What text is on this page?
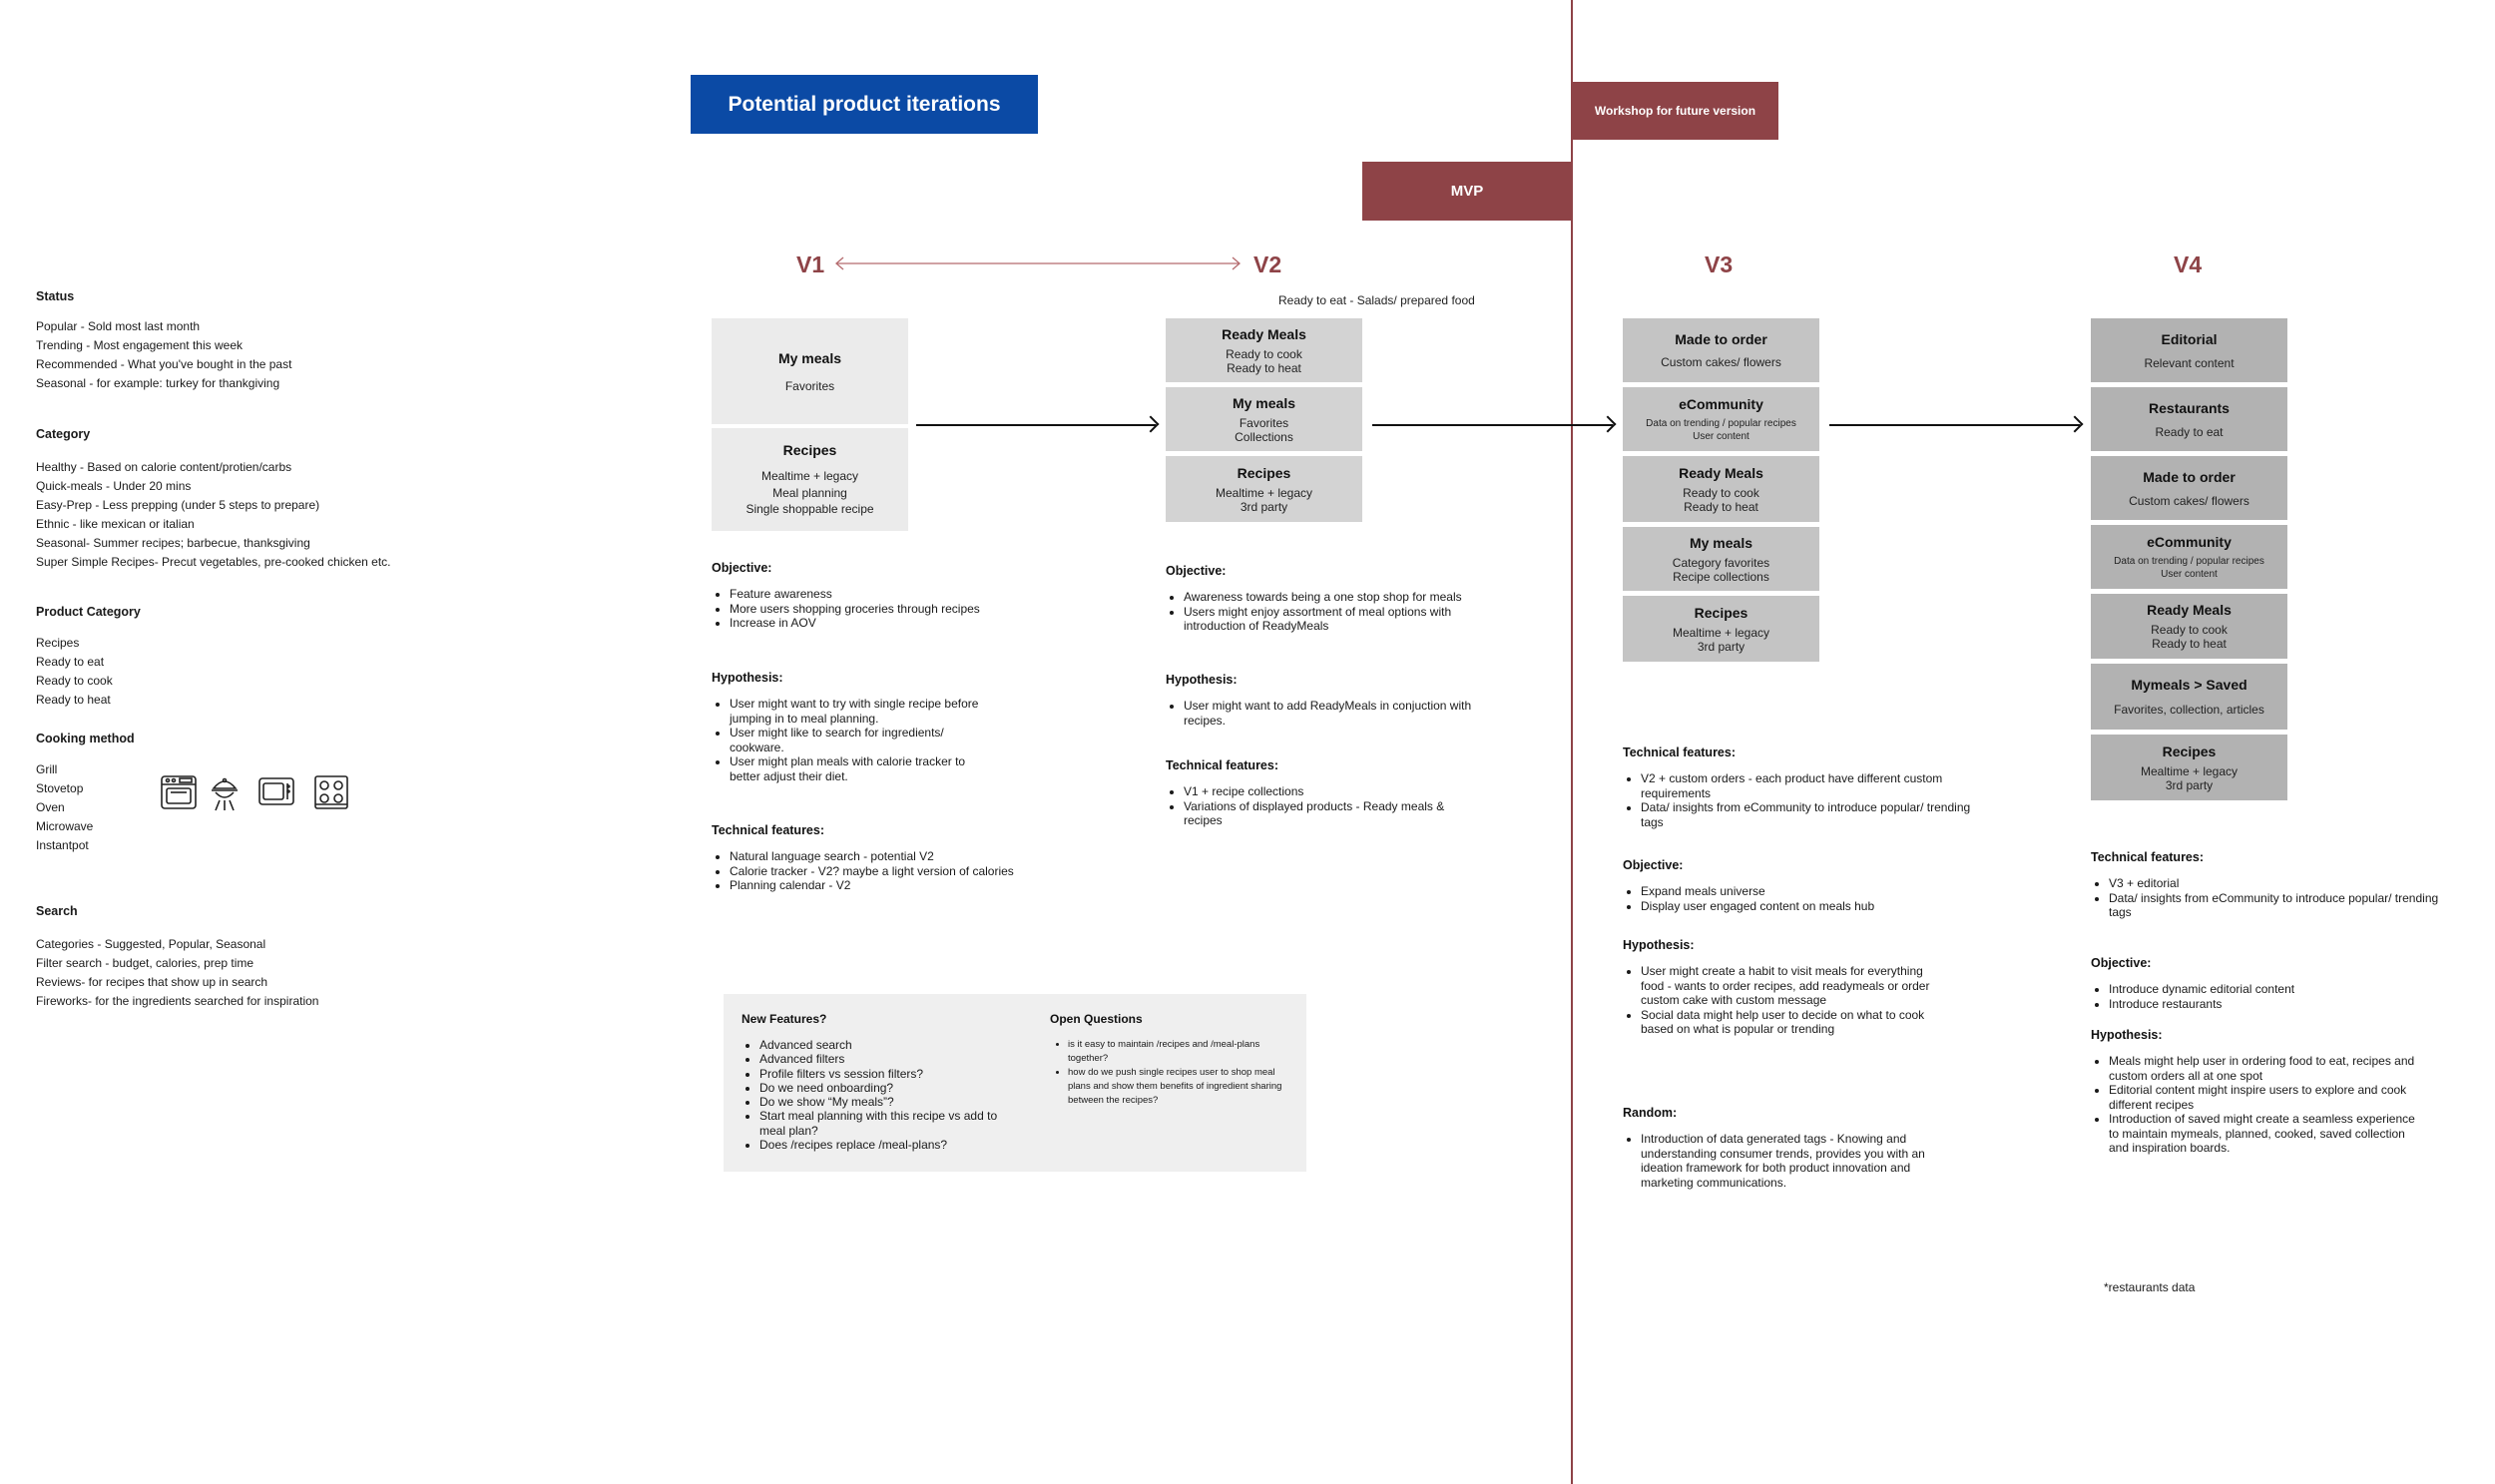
Potential product iterations	Workshop for future version
MVP
Status
Popular - Sold most last month
Trending - Most engagement this week
Recommended - What you've bought in the past
Seasonal - for example: turkey for thankgiving
Category
Healthy - Based on calorie content/protien/carbs
Quick-meals - Under 20 mins
Easy-Prep - Less prepping (under 5 steps to prepare)
Ethnic - like mexican or italian
Seasonal- Summer recipes; barbecue, thanksgiving
Super Simple Recipes- Precut vegetables, pre-cooked chicken etc.
Product Category
Recipes
Ready to eat
Ready to cook
Ready to heat
Cooking method
Grill
Stovetop
Oven
Microwave
Instantpot
Search
Categories - Suggested, Popular, Seasonal
Filter search - budget, calories, prep time
Reviews- for recipes that show up in search
Fireworks- for the ingredients searched for inspiration
V1	V2	V3	V4
My meals
Favorites
Recipes
Mealtime + legacy
Meal planning
Single shoppable recipe
Ready to eat - Salads/ prepared food
Ready Meals
Ready to cook
Ready to heat
My meals
Favorites
Collections
Recipes
Mealtime + legacy
3rd party
Made to order
Custom cakes/ flowers
eCommunity
Data on trending / popular recipes
User content
Ready Meals
Ready to cook
Ready to heat
My meals
Category favorites
Recipe collections
Recipes
Mealtime + legacy
3rd party
Editorial
Relevant content
Restaurants
Ready to eat
Made to order
Custom cakes/ flowers
eCommunity
Data on trending / popular recipes
User content
Ready Meals
Ready to cook
Ready to heat
Mymeals > Saved
Favorites, collection, articles
Recipes
Mealtime + legacy
3rd party
Objective:
• Feature awareness
• More users shopping groceries through recipes
• Increase in AOV
Hypothesis:
• User might want to try with single recipe before jumping in to meal planning.
• User might like to search for ingredients/ cookware.
• User might plan meals with calorie tracker to better adjust their diet.
Technical features:
• Natural language search - potential V2
• Calorie tracker - V2? maybe a light version of calories
• Planning calendar - V2
Objective:
• Awareness towards being a one stop shop for meals
• Users might enjoy assortment of meal options with introduction of ReadyMeals
Hypothesis:
• User might want to add ReadyMeals in conjuction with recipes.
Technical features:
• V1 + recipe collections
• Variations of displayed products - Ready meals & recipes
Technical features:
• V2 + custom orders - each product have different custom requirements
• Data/ insights from eCommunity to introduce popular/ trending tags
Objective:
• Expand meals universe
• Display user engaged content on meals hub
Hypothesis:
• User might create a habit to visit meals for everything food - wants to order recipes, add readymeals or order custom cake with custom message
• Social data might help user to decide on what to cook based on what is popular or trending
Random:
• Introduction of data generated tags - Knowing and understanding consumer trends, provides you with an ideation framework for both product innovation and marketing communications.
Technical features:
• V3 + editorial
• Data/ insights from eCommunity to introduce popular/ trending tags
Objective:
• Introduce dynamic editorial content
• Introduce restaurants
Hypothesis:
• Meals might help user in ordering food to eat, recipes and custom orders all at one spot
• Editorial content might inspire users to explore and cook different recipes
• Introduction of saved might create a seamless experience to maintain mymeals, planned, cooked, saved collection and inspiration boards.
*restaurants data
New Features?
• Advanced search
• Advanced filters
• Profile filters vs session filters?
• Do we need onboarding?
• Do we show “My meals”?
• Start meal planning with this recipe vs add to meal plan?
• Does /recipes replace /meal-plans?
Open Questions
• is it easy to maintain /recipes and /meal-plans together?
• how do we push single recipes user to shop meal plans and show them benefits of ingredient sharing between the recipes?
